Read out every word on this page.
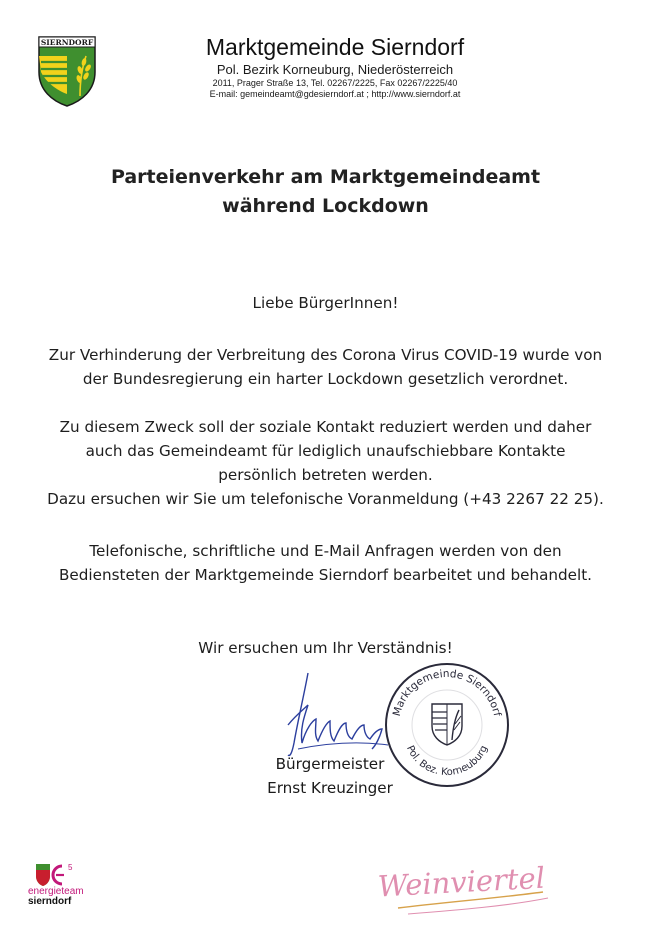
SIERNDORF	Marktgemeinde Sierndorf
Pol. Bezirk Korneuburg, Niederösterreich
2011, Prager Straße 13, Tel. 02267/2225, Fax 02267/2225/40
E-mail: gemeindeamt@gdesierndorf.at ; http://www.sierndorf.at
Parteienverkehr am Marktgemeindeamt
während Lockdown
Liebe BürgerInnen!
Zur Verhinderung der Verbreitung des Corona Virus COVID-19 wurde von
der Bundesregierung ein harter Lockdown gesetzlich verordnet.
Zu diesem Zweck soll der soziale Kontakt reduziert werden und daher
auch das Gemeindeamt für lediglich unaufschiebbare Kontakte
persönlich betreten werden.
Dazu ersuchen wir Sie um telefonische Voranmeldung (+43 2267 22 25).
Telefonische, schriftliche und E-Mail Anfragen werden von den
Bediensteten der Marktgemeinde Sierndorf bearbeitet und behandelt.
Wir ersuchen um Ihr Verständnis!
Marktgemeinde Sierndorf
Pol. Bez. Korneuburg
Bürgermeister
Ernst Kreuzinger
5
energieteam
sierndorf	Weinviertel
